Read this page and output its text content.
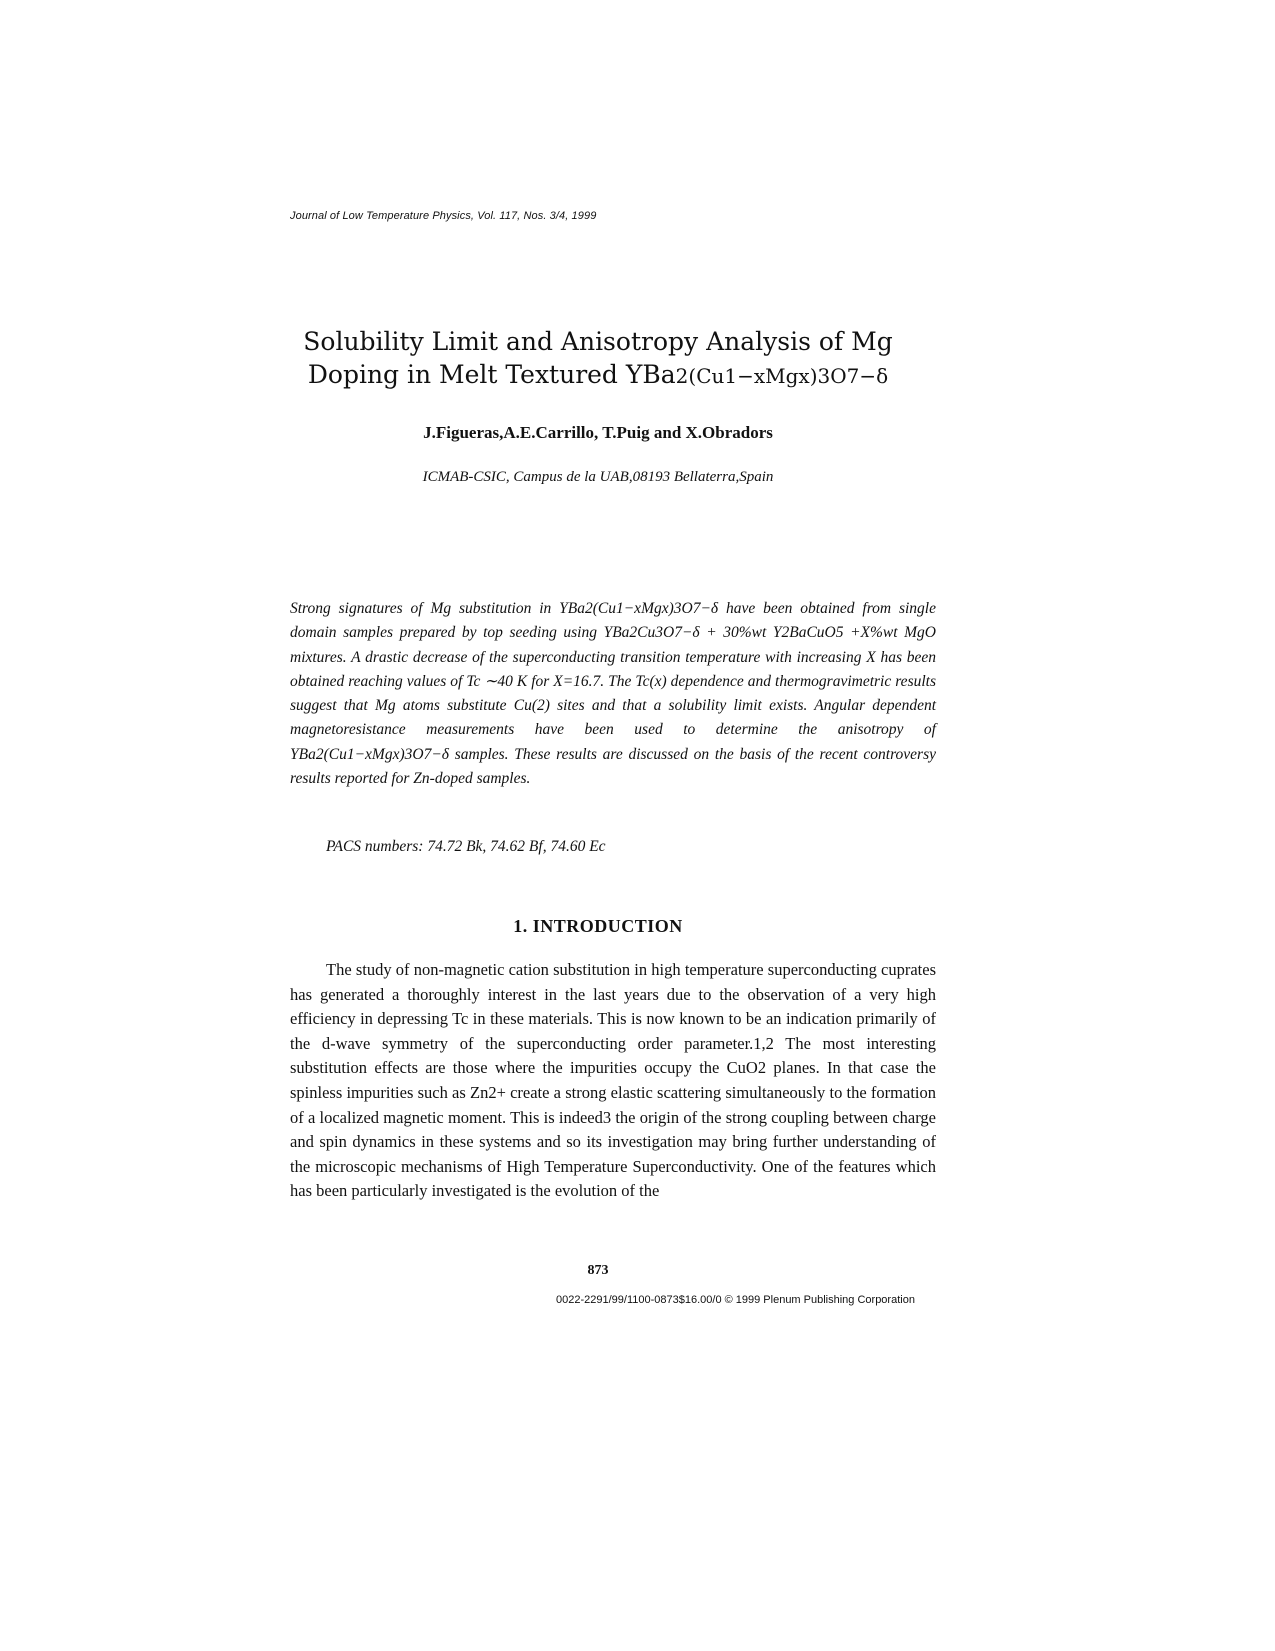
Journal of Low Temperature Physics, Vol. 117, Nos. 3/4, 1999
Solubility Limit and Anisotropy Analysis of Mg
Doping in Melt Textured YBa2(Cu1−xMgx)3O7−δ
J.Figueras,A.E.Carrillo, T.Puig and X.Obradors
ICMAB-CSIC, Campus de la UAB,08193 Bellaterra,Spain

Strong signatures of Mg substitution in YBa2(Cu1−xMgx)3O7−δ have been obtained from single domain samples prepared by top seeding using YBa2Cu3O7−δ + 30%wt Y2BaCuO5 +X%wt MgO mixtures. A drastic decrease of the superconducting transition temperature with increasing X has been obtained reaching values of Tc ∼40 K for X=16.7. The Tc(x) dependence and thermogravimetric results suggest that Mg atoms substitute Cu(2) sites and that a solubility limit exists. Angular dependent magnetoresistance measurements have been used to determine the anisotropy of YBa2(Cu1−xMgx)3O7−δ samples. These results are discussed on the basis of the recent controversy results reported for Zn-doped samples.

PACS numbers: 74.72 Bk, 74.62 Bf, 74.60 Ec
1. INTRODUCTION

The study of non-magnetic cation substitution in high temperature superconducting cuprates has generated a thoroughly interest in the last years due to the observation of a very high efficiency in depressing Tc in these materials. This is now known to be an indication primarily of the d-wave symmetry of the superconducting order parameter.1,2 The most interesting substitution effects are those where the impurities occupy the CuO2 planes. In that case the spinless impurities such as Zn2+ create a strong elastic scattering simultaneously to the formation of a localized magnetic moment. This is indeed3 the origin of the strong coupling between charge and spin dynamics in these systems and so its investigation may bring further understanding of the microscopic mechanisms of High Temperature Superconductivity. One of the features which has been particularly investigated is the evolution of the

873
0022-2291/99/1100-0873$16.00/0 © 1999 Plenum Publishing Corporation
